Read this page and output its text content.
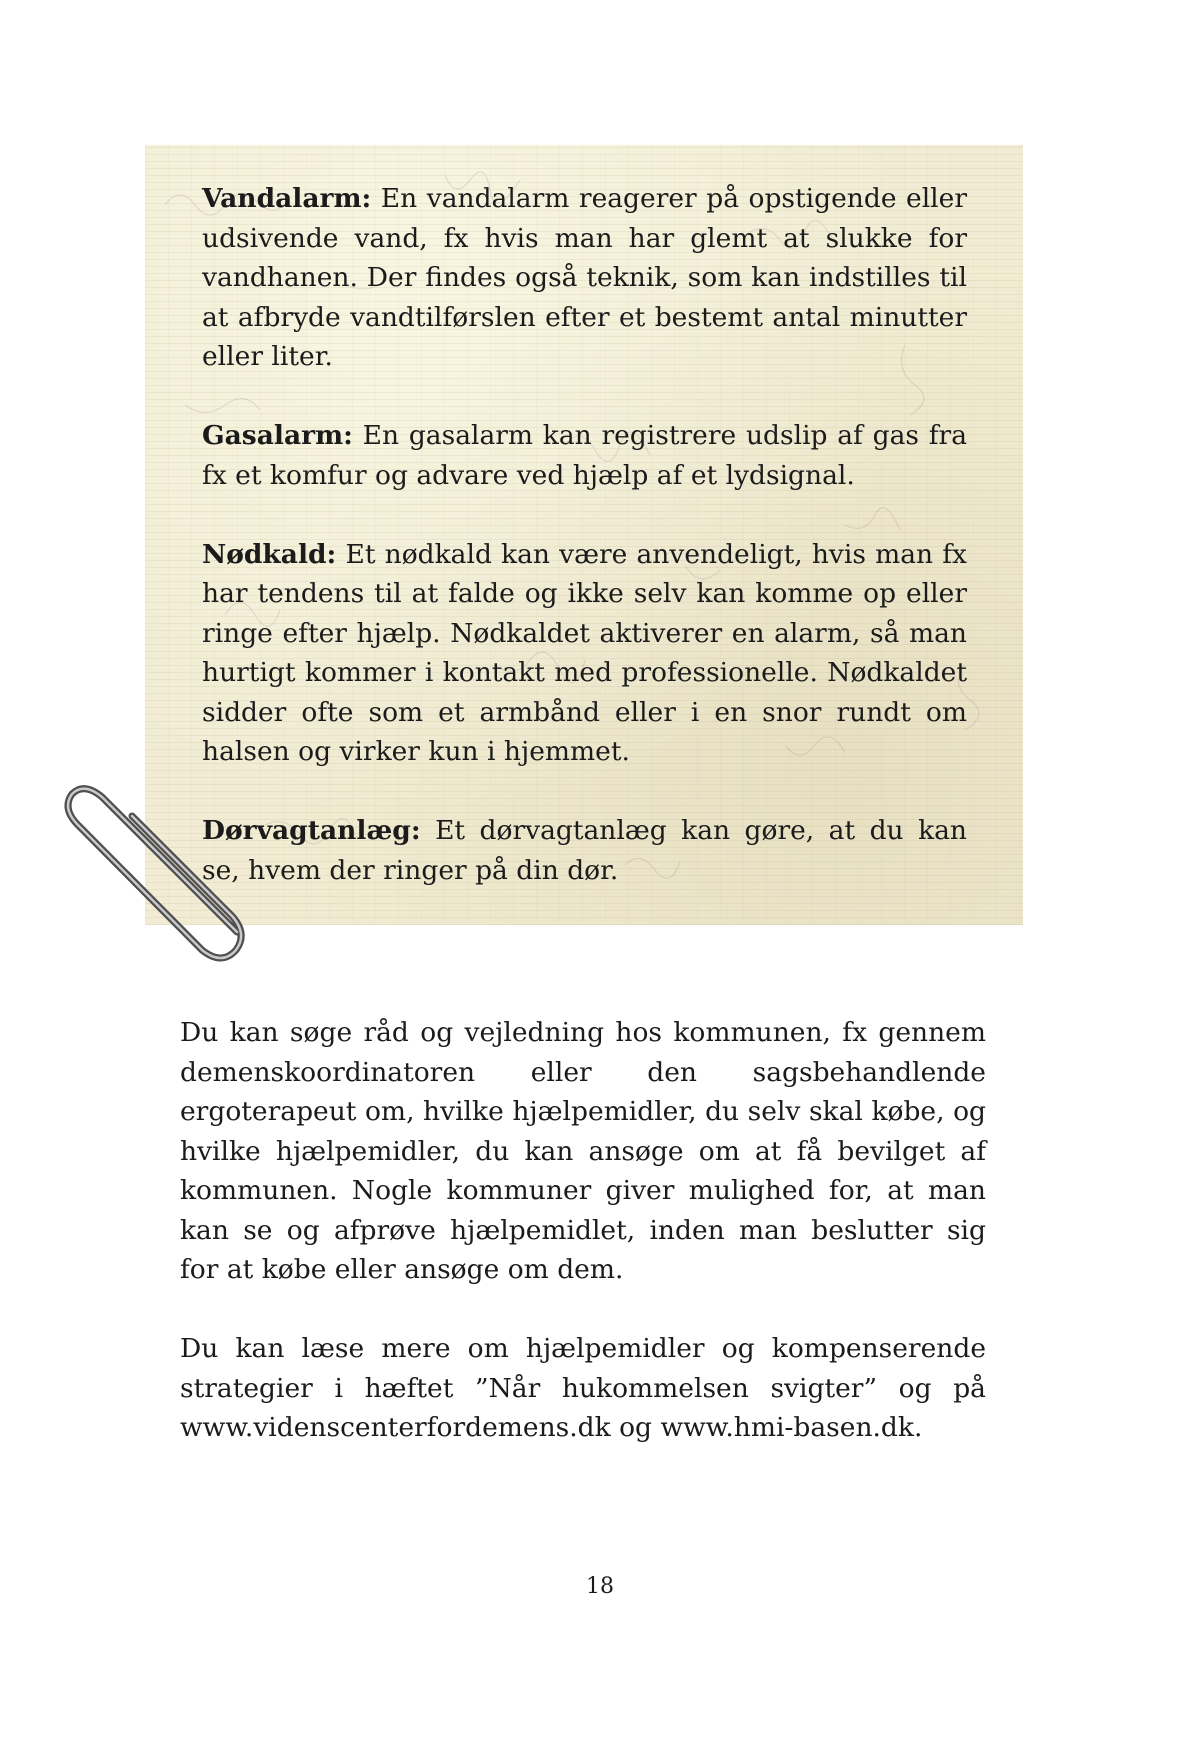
Vandalarm: En vandalarm reagerer på opstigende eller udsivende vand, fx hvis man har glemt at slukke for vandhanen. Der findes også teknik, som kan indstilles til at afbryde vandtilførslen efter et bestemt antal minutter eller liter.

Gasalarm: En gasalarm kan registrere udslip af gas fra fx et komfur og advare ved hjælp af et lydsignal.

Nødkald: Et nødkald kan være anvendeligt, hvis man fx har tendens til at falde og ikke selv kan komme op eller ringe efter hjælp. Nødkaldet aktiverer en alarm, så man hurtigt kommer i kontakt med professionelle. Nødkaldet sidder ofte som et armbånd eller i en snor rundt om halsen og virker kun i hjemmet.

Dørvagtanlæg: Et dørvagtanlæg kan gøre, at du kan se, hvem der ringer på din dør.

Du kan søge råd og vejledning hos kommunen, fx gennem demenskoordinatoren eller den sagsbehandlende ergoterapeut om, hvilke hjælpemidler, du selv skal købe, og hvilke hjælpemidler, du kan ansøge om at få bevilget af kommunen. Nogle kommuner giver mulighed for, at man kan se og afprøve hjælpemidlet, inden man beslutter sig for at købe eller ansøge om dem.

Du kan læse mere om hjælpemidler og kompenserende strategier i hæftet ”Når hukommelsen svigter” og på www.videnscenterfordemens.dk og www.hmi-basen.dk.

18
